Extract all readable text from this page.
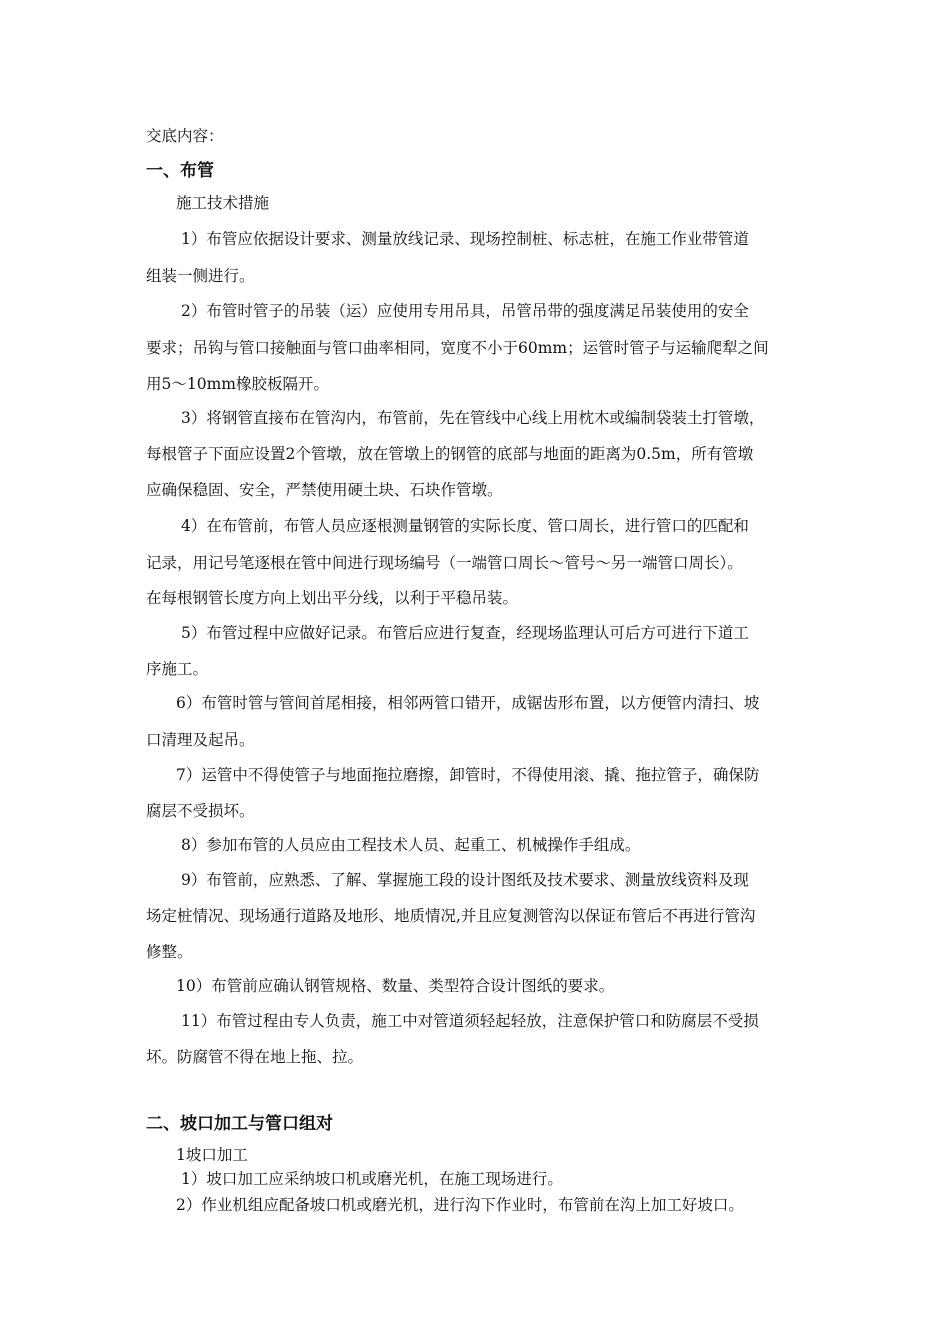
交底内容：
一、布管
施工技术措施
1）布管应依据设计要求、测量放线记录、现场控制桩、标志桩，在施工作业带管道
组装一侧进行。
2）布管时管子的吊装（运）应使用专用吊具，吊管吊带的强度满足吊装使用的安全
要求；吊钩与管口接触面与管口曲率相同，宽度不小于60mm；运管时管子与运输爬犁之间
用5～10mm橡胶板隔开。
3）将钢管直接布在管沟内，布管前，先在管线中心线上用枕木或编制袋装土打管墩，
每根管子下面应设置2个管墩，放在管墩上的钢管的底部与地面的距离为0.5m，所有管墩
应确保稳固、安全，严禁使用硬土块、石块作管墩。
4）在布管前，布管人员应逐根测量钢管的实际长度、管口周长，进行管口的匹配和
记录，用记号笔逐根在管中间进行现场编号（一端管口周长～管号～另一端管口周长）。
在每根钢管长度方向上划出平分线，以利于平稳吊装。
5）布管过程中应做好记录。布管后应进行复查，经现场监理认可后方可进行下道工
序施工。
6）布管时管与管间首尾相接，相邻两管口错开，成锯齿形布置，以方便管内清扫、坡
口清理及起吊。
7）运管中不得使管子与地面拖拉磨擦，卸管时，不得使用滚、撬、拖拉管子，确保防
腐层不受损坏。
8）参加布管的人员应由工程技术人员、起重工、机械操作手组成。
9）布管前，应熟悉、了解、掌握施工段的设计图纸及技术要求、测量放线资料及现
场定桩情况、现场通行道路及地形、地质情况,并且应复测管沟以保证布管后不再进行管沟
修整。
10）布管前应确认钢管规格、数量、类型符合设计图纸的要求。
11）布管过程由专人负责，施工中对管道须轻起轻放，注意保护管口和防腐层不受损
坏。防腐管不得在地上拖、拉。
二、坡口加工与管口组对
1坡口加工
1）坡口加工应采纳坡口机或磨光机，在施工现场进行。
2）作业机组应配备坡口机或磨光机，进行沟下作业时，布管前在沟上加工好坡口。
